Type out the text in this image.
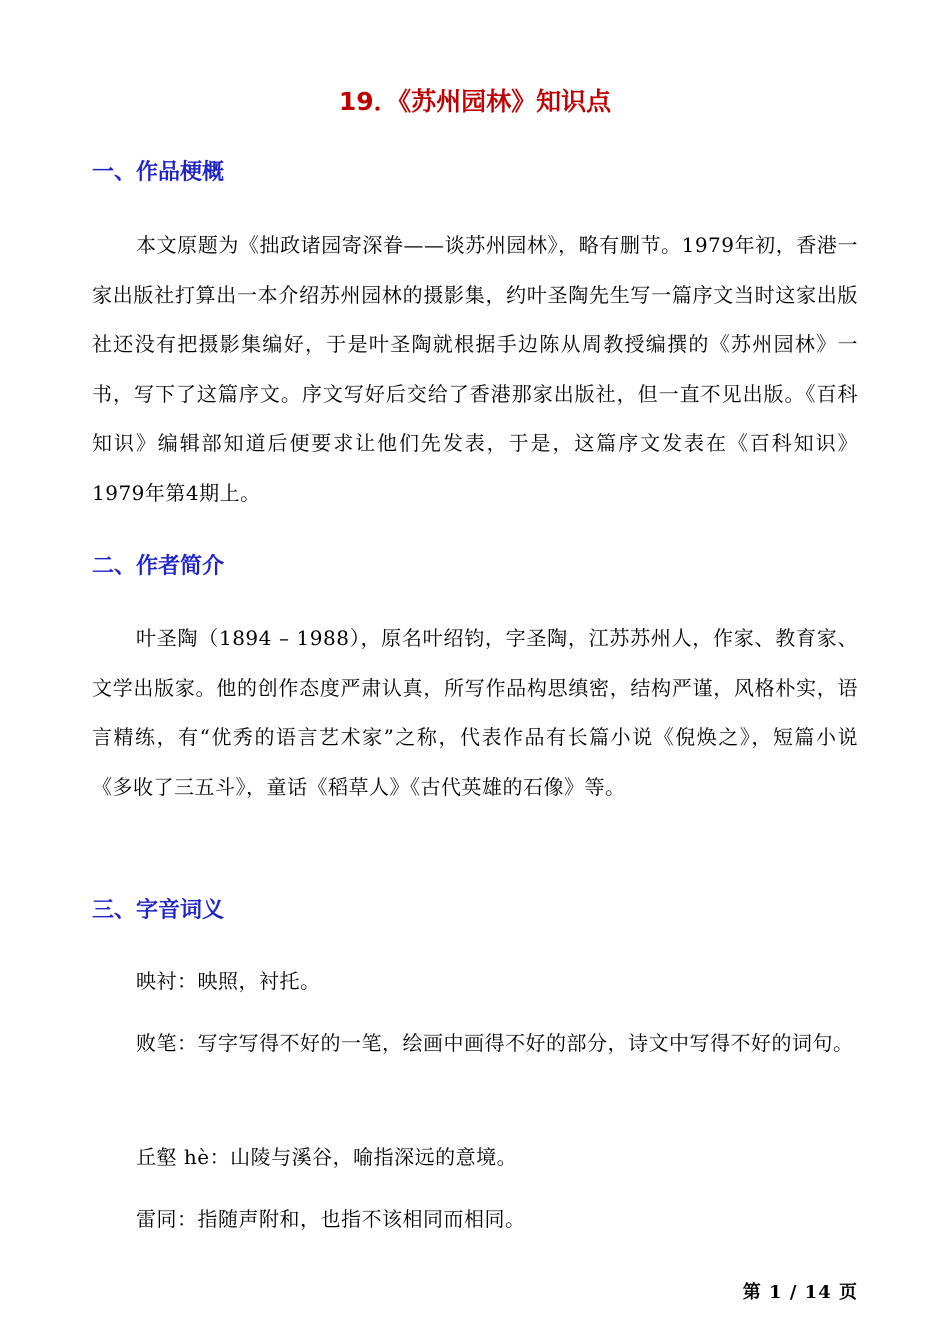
19．《苏州园林》知识点
一、作品梗概

本文原题为《拙政诸园寄深眷——谈苏州园林》，略有删节。1979年初，香港一家出版社打算出一本介绍苏州园林的摄影集，约叶圣陶先生写一篇序文当时这家出版社还没有把摄影集编好，于是叶圣陶就根据手边陈从周教授编撰的《苏州园林》一书，写下了这篇序文。序文写好后交给了香港那家出版社，但一直不见出版。《百科知识》编辑部知道后便要求让他们先发表，于是，这篇序文发表在《百科知识》1979年第4期上。

二、作者简介

叶圣陶（1894 – 1988），原名叶绍钧，字圣陶，江苏苏州人，作家、教育家、文学出版家。他的创作态度严肃认真，所写作品构思缜密，结构严谨，风格朴实，语言精练，有“优秀的语言艺术家”之称，代表作品有长篇小说《倪焕之》，短篇小说《多收了三五斗》，童话《稻草人》《古代英雄的石像》等。

三、字音词义

映衬：映照，衬托。

败笔：写字写得不好的一笔，绘画中画得不好的部分，诗文中写得不好的词句。

丘壑 hè：山陵与溪谷，喻指深远的意境。

雷同：指随声附和，也指不该相同而相同。

第 1 / 14 页
